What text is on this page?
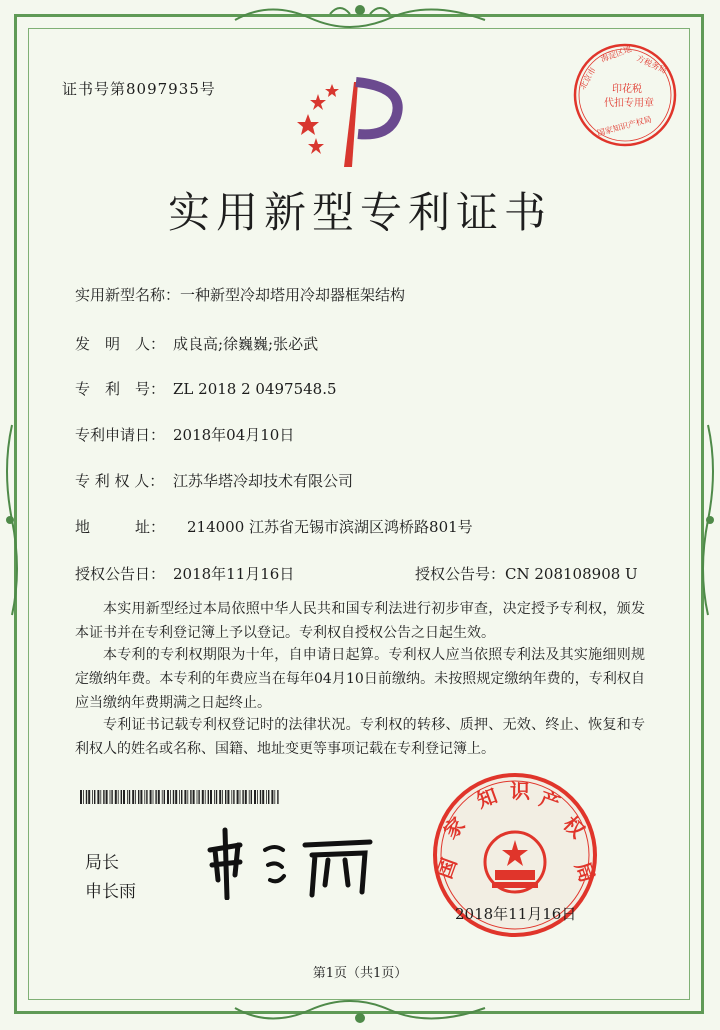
证书号第8097935号
实用新型专利证书
实用新型名称：一种新型冷却塔用冷却器框架结构
发　明　人： 成良高;徐巍巍;张必武
专　利　号： ZL 2018 2 0497548.5
专利申请日： 2018年04月10日
专 利 权 人： 江苏华塔冷却技术有限公司
地　　　址： 214000 江苏省无锡市滨湖区鸿桥路801号
授权公告日： 2018年11月16日	授权公告号：CN 208108908 U
本实用新型经过本局依照中华人民共和国专利法进行初步审查，决定授予专利权，颁发本证书并在专利登记簿上予以登记。专利权自授权公告之日起生效。
本专利的专利权期限为十年，自申请日起算。专利权人应当依照专利法及其实施细则规定缴纳年费。本专利的年费应当在每年04月10日前缴纳。未按照规定缴纳年费的，专利权自应当缴纳年费期满之日起终止。
专利证书记载专利权登记时的法律状况。专利权的转移、质押、无效、终止、恢复和专利权人的姓名或名称、国籍、地址变更等事项记载在专利登记簿上。
局长
申长雨
国
家
知 识 产
权
局
2018年11月16日
北京市
海淀区地 方税务局
印花税
代扣专用章
国家知识产权局
第1页（共1页）
